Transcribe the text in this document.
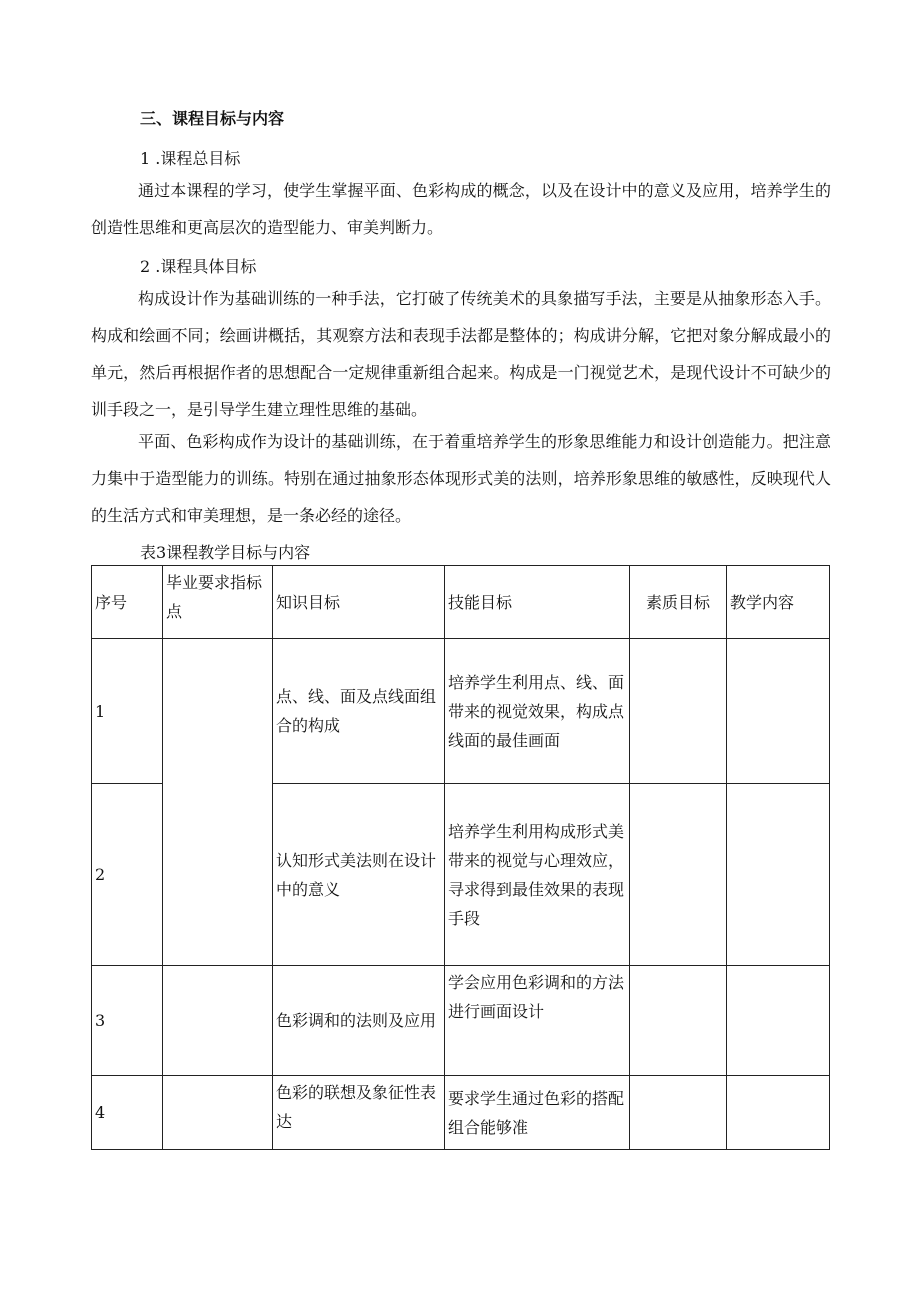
三、课程目标与内容
1 .课程总目标

通过本课程的学习，使学生掌握平面、色彩构成的概念，以及在设计中的意义及应用，培养学生的创造性思维和更高层次的造型能力、审美判断力。

2 .课程具体目标

构成设计作为基础训练的一种手法，它打破了传统美术的具象描写手法，主要是从抽象形态入手。构成和绘画不同；绘画讲概括，其观察方法和表现手法都是整体的；构成讲分解，它把对象分解成最小的单元，然后再根据作者的思想配合一定规律重新组合起来。构成是一门视觉艺术，是现代设计不可缺少的训手段之一，是引导学生建立理性思维的基础。

平面、色彩构成作为设计的基础训练，在于着重培养学生的形象思维能力和设计创造能力。把注意力集中于造型能力的训练。特别在通过抽象形态体现形式美的法则，培养形象思维的敏感性，反映现代人的生活方式和审美理想，是一条必经的途径。

表3课程教学目标与内容
序号	毕业要求指标点	知识目标	技能目标	素质目标	教学内容
1		点、线、面及点线面组合的构成	培养学生利用点、线、面带来的视觉效果，构成点线面的最佳画面		
2		认知形式美法则在设计中的意义	培养学生利用构成形式美带来的视觉与心理效应，寻求得到最佳效果的表现手段		
3		色彩调和的法则及应用	学会应用色彩调和的方法进行画面设计		
4		色彩的联想及象征性表达	要求学生通过色彩的搭配组合能够准		
